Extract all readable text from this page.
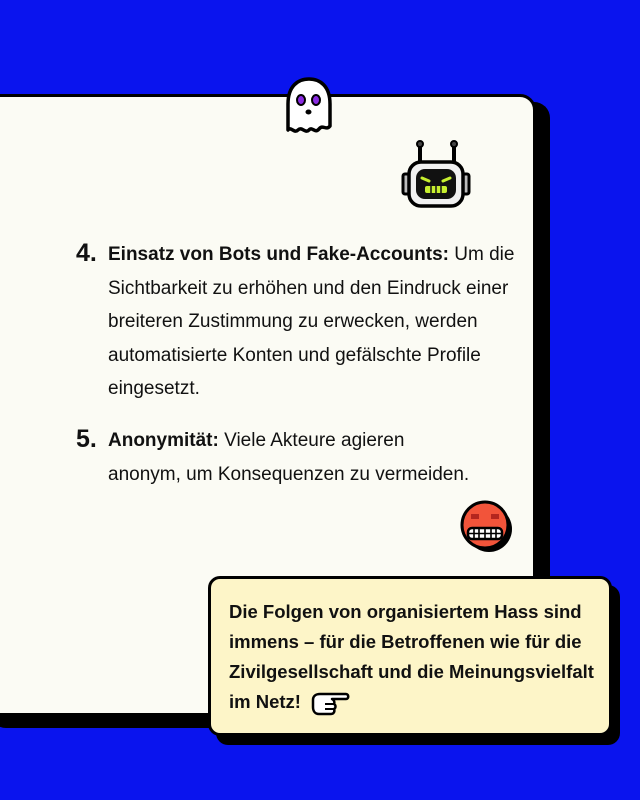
4. Einsatz von Bots und Fake-Accounts: Um die Sichtbarkeit zu erhöhen und den Eindruck einer breiteren Zustimmung zu erwecken, werden automatisierte Konten und gefälschte Profile eingesetzt.
5. Anonymität: Viele Akteure agieren anonym, um Konsequenzen zu vermeiden.
Die Folgen von organisiertem Hass sind immens – für die Betroffenen wie für die Zivilgesellschaft und die Meinungsvielfalt im Netz!
